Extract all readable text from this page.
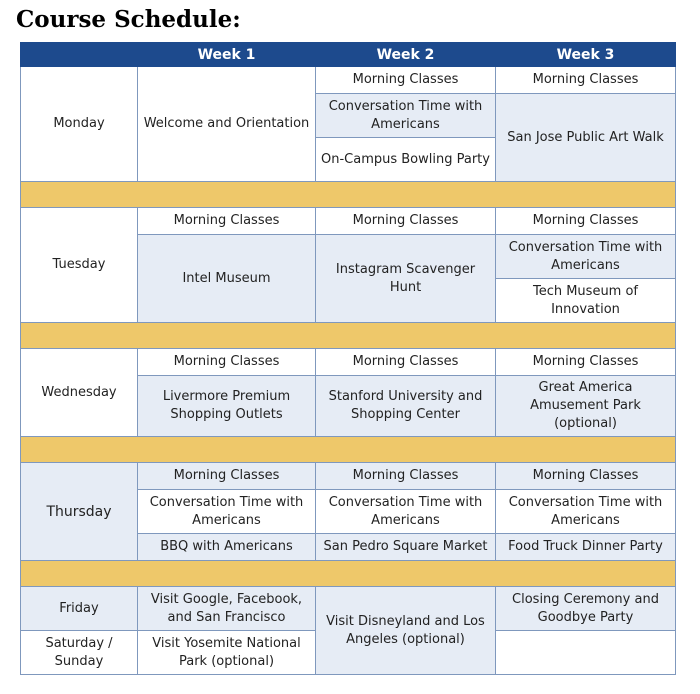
Course Schedule:
	Week 1	Week 2	Week 3
Monday	Welcome and Orientation	Morning Classes	Morning Classes
		Conversation Time with Americans	San Jose Public Art Walk
		On-Campus Bowling Party	

Tuesday	Morning Classes	Morning Classes	Morning Classes
	Intel Museum	Instagram Scavenger Hunt	Conversation Time with Americans
			Tech Museum of Innovation

Wednesday	Morning Classes	Morning Classes	Morning Classes
	Livermore Premium Shopping Outlets	Stanford University and Shopping Center	Great America Amusement Park (optional)

Thursday	Morning Classes	Morning Classes	Morning Classes
	Conversation Time with Americans	Conversation Time with Americans	Conversation Time with Americans
	BBQ with Americans	San Pedro Square Market	Food Truck Dinner Party

Friday	Visit Google, Facebook, and San Francisco	Visit Disneyland and Los Angeles (optional)	Closing Ceremony and Goodbye Party
Saturday / Sunday	Visit Yosemite National Park (optional)		
